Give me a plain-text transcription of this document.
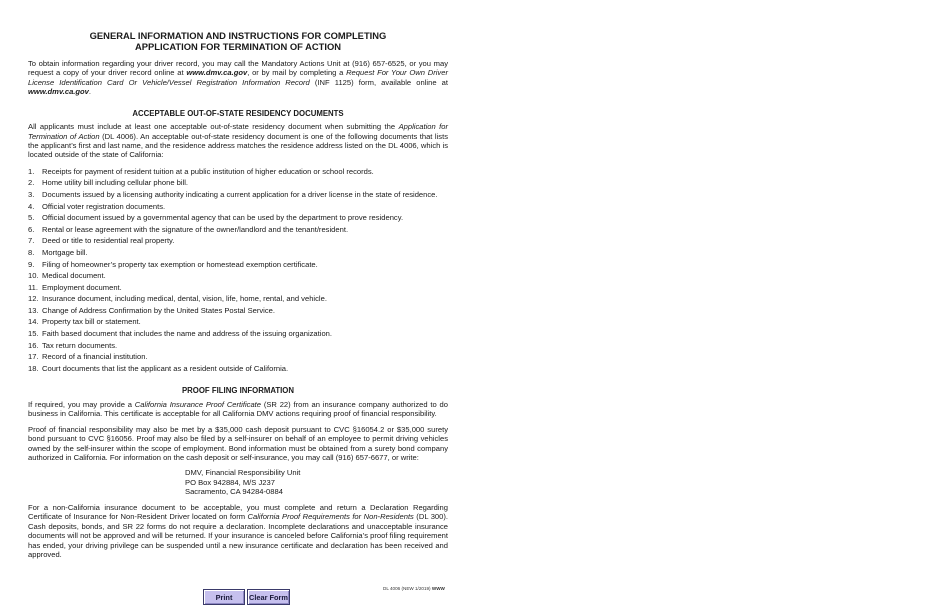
GENERAL INFORMATION AND INSTRUCTIONS FOR COMPLETING
APPLICATION FOR TERMINATION OF ACTION

To obtain information regarding your driver record, you may call the Mandatory Actions Unit at (916) 657-6525, or you may request a copy of your driver record online at www.dmv.ca.gov, or by mail by completing a Request For Your Own Driver License Identification Card Or Vehicle/Vessel Registration Information Record (INF 1125) form, available online at www.dmv.ca.gov.

ACCEPTABLE OUT-OF-STATE RESIDENCY DOCUMENTS

All applicants must include at least one acceptable out-of-state residency document when submitting the Application for Termination of Action (DL 4006). An acceptable out-of-state residency document is one of the following documents that lists the applicant’s first and last name, and the residence address matches the residence address listed on the DL 4006, which is located outside of the state of California:

1.	Receipts for payment of resident tuition at a public institution of higher education or school records.
2.	Home utility bill including cellular phone bill.
3.	Documents issued by a licensing authority indicating a current application for a driver license in the state of residence.
4.	Official voter registration documents.
5.	Official document issued by a governmental agency that can be used by the department to prove residency.
6.	Rental or lease agreement with the signature of the owner/landlord and the tenant/resident.
7.	Deed or title to residential real property.
8.	Mortgage bill.
9.	Filing of homeowner’s property tax exemption or homestead exemption certificate.
10. Medical document.
11. Employment document.
12. Insurance document, including medical, dental, vision, life, home, rental, and vehicle.
13. Change of Address Confirmation by the United States Postal Service.
14. Property tax bill or statement.
15. Faith based document that includes the name and address of the issuing organization.
16. Tax return documents.
17. Record of a financial institution.
18. Court documents that list the applicant as a resident outside of California.
PROOF FILING INFORMATION

If required, you may provide a California Insurance Proof Certificate (SR 22) from an insurance company authorized to do business in California. This certificate is acceptable for all California DMV actions requiring proof of financial responsibility.

Proof of financial responsibility may also be met by a $35,000 cash deposit pursuant to CVC §16054.2 or $35,000 surety bond pursuant to CVC §16056. Proof may also be filed by a self-insurer on behalf of an employee to permit driving vehicles owned by the self-insurer within the scope of employment. Bond information must be obtained from a surety bond company authorized in California. For information on the cash deposit or self-insurance, you may call (916) 657-6677, or write:

DMV, Financial Responsibility Unit
PO Box 942884, M/S J237
Sacramento, CA 94284-0884

For a non-California insurance document to be acceptable, you must complete and return a Declaration Regarding Certificate of Insurance for Non-Resident Driver located on form California Proof Requirements for Non-Residents (DL 300). Cash deposits, bonds, and SR 22 forms do not require a declaration. Incomplete declarations and unacceptable insurance documents will not be approved and will be returned. If your insurance is canceled before California’s proof filing requirement has ended, your driving privilege can be suspended until a new insurance certificate and declaration has been received and approved.

DL 4006 (NEW 1/2019) WWW
Print	Clear Form
